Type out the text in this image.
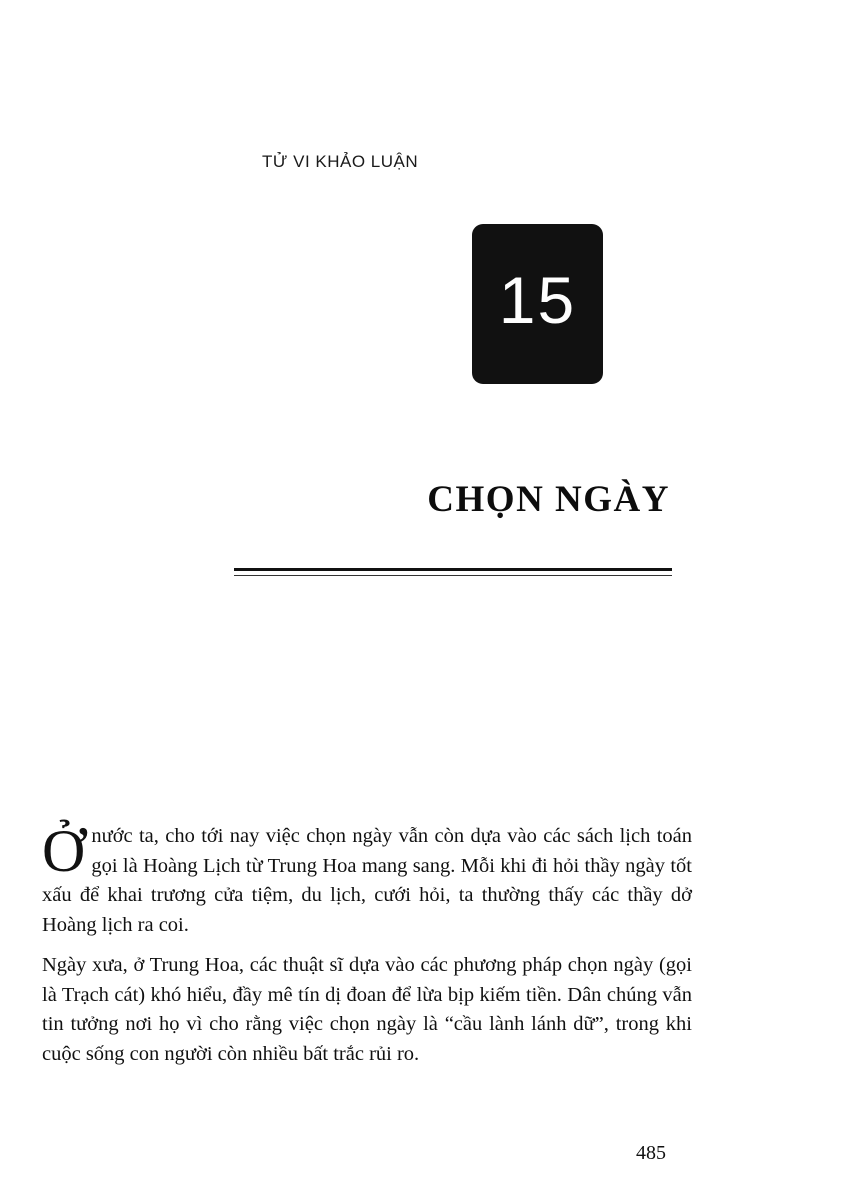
TỬ VI KHẢO LUẬN
15
CHỌN NGÀY

Ởnước ta, cho tới nay việc chọn ngày vẫn còn dựa vào các sách lịch toán gọi là Hoàng Lịch từ Trung Hoa mang sang. Mỗi khi đi hỏi thầy ngày tốt xấu để khai trương cửa tiệm, du lịch, cưới hỏi, ta thường thấy các thầy dở Hoàng lịch ra coi.

Ngày xưa, ở Trung Hoa, các thuật sĩ dựa vào các phương pháp chọn ngày (gọi là Trạch cát) khó hiểu, đầy mê tín dị đoan để lừa bịp kiếm tiền. Dân chúng vẫn tin tưởng nơi họ vì cho rằng việc chọn ngày là “cầu lành lánh dữ”, trong khi cuộc sống con người còn nhiều bất trắc rủi ro.

485
